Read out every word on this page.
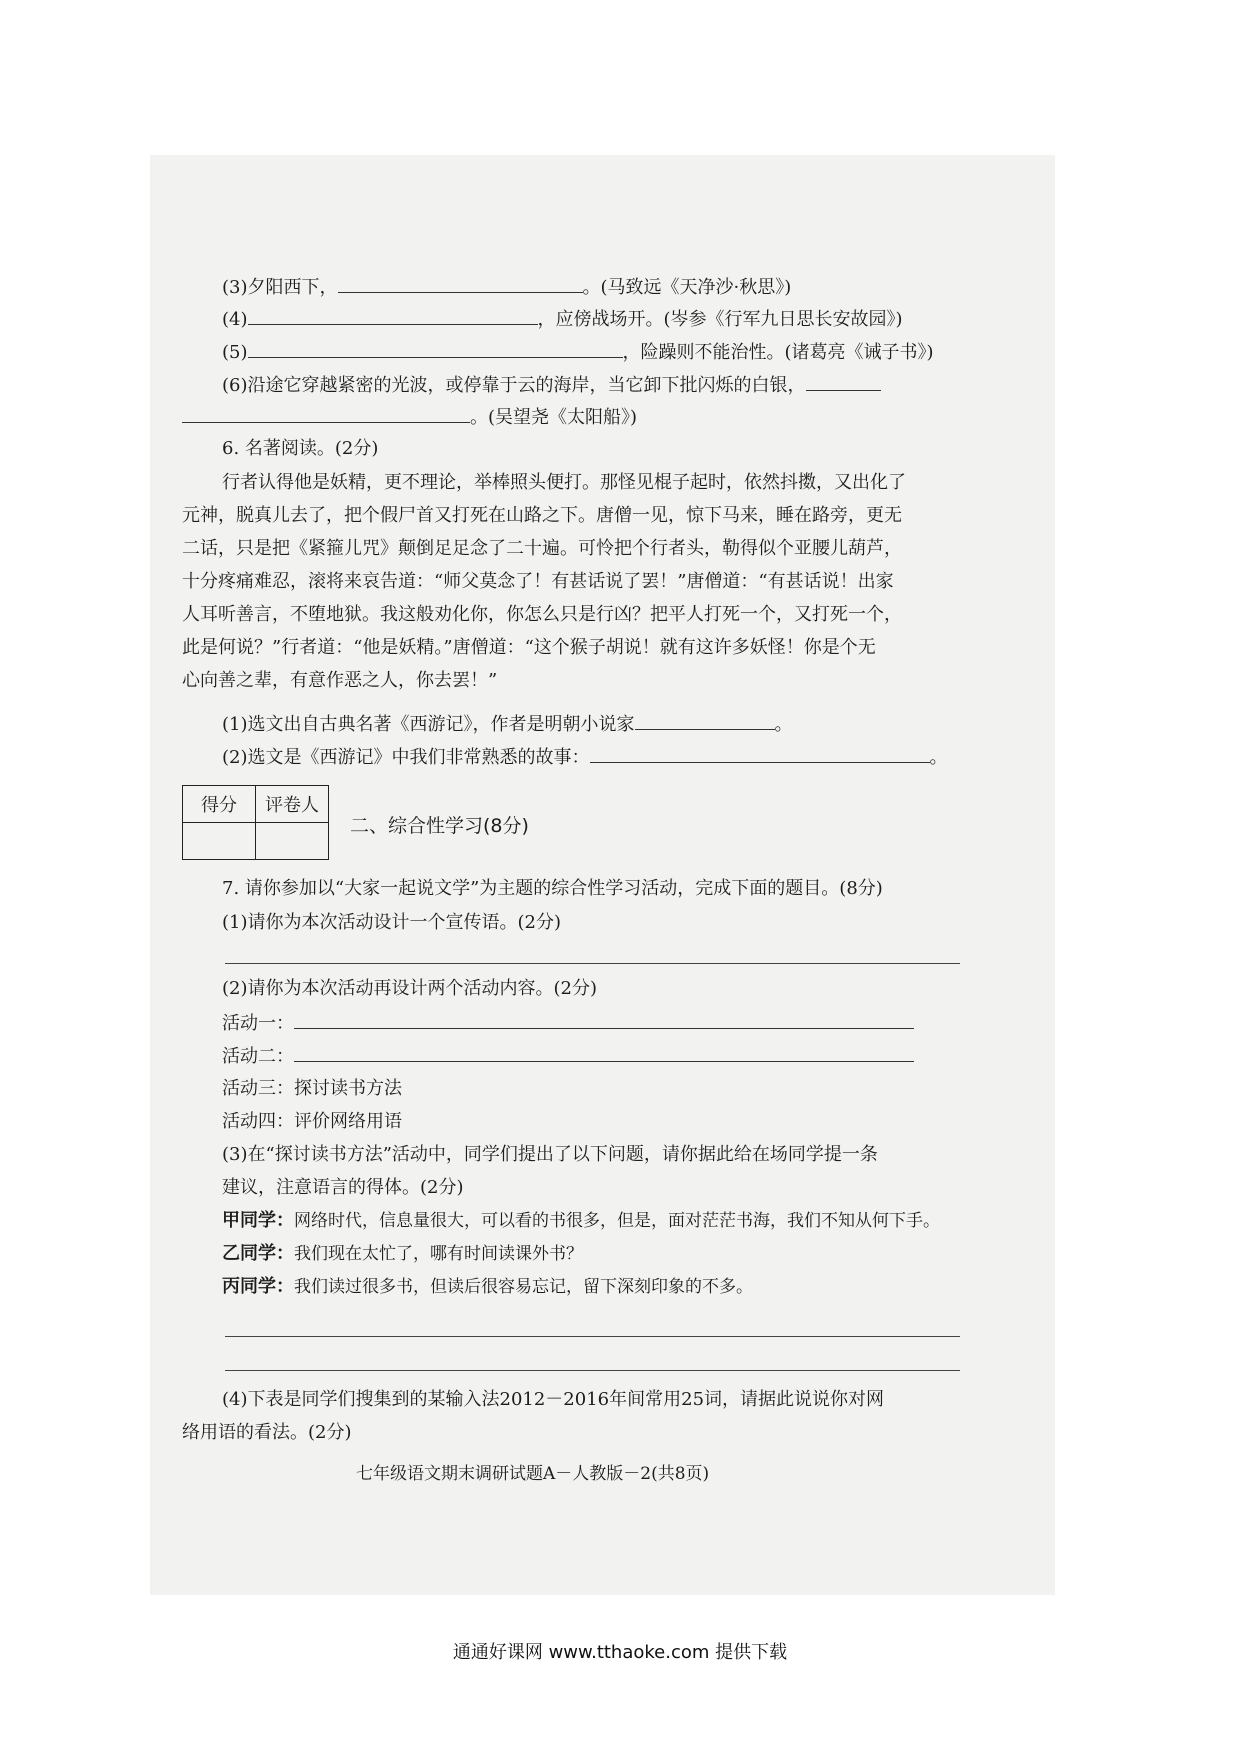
(3)夕阳西下，	。(马致远《天净沙·秋思》)
(4)	，应傍战场开。(岑参《行军九日思长安故园》)
(5)	，险躁则不能治性。(诸葛亮《诫子书》)
(6)沿途它穿越紧密的光波，或停靠于云的海岸，当它卸下批闪烁的白银，
。(吴望尧《太阳船》)
6. 名著阅读。(2分)
行者认得他是妖精，更不理论，举棒照头便打。那怪见棍子起时，依然抖擞，又出化了
元神，脱真儿去了，把个假尸首又打死在山路之下。唐僧一见，惊下马来，睡在路旁，更无
二话，只是把《紧箍儿咒》颠倒足足念了二十遍。可怜把个行者头，勒得似个亚腰儿葫芦，
十分疼痛难忍，滚将来哀告道：“师父莫念了！有甚话说了罢！”唐僧道：“有甚话说！出家
人耳听善言，不堕地狱。我这般劝化你，你怎么只是行凶？把平人打死一个，又打死一个，
此是何说？”行者道：“他是妖精。”唐僧道：“这个猴子胡说！就有这许多妖怪！你是个无
心向善之辈，有意作恶之人，你去罢！”
(1)选文出自古典名著《西游记》，作者是明朝小说家	。
(2)选文是《西游记》中我们非常熟悉的故事：	。
得分	评卷人

二、综合性学习(8分)
7. 请你参加以“大家一起说文学”为主题的综合性学习活动，完成下面的题目。(8分)
(1)请你为本次活动设计一个宣传语。(2分)
(2)请你为本次活动再设计两个活动内容。(2分)
活动一：
活动二：
活动三：探讨读书方法
活动四：评价网络用语
(3)在“探讨读书方法”活动中，同学们提出了以下问题，请你据此给在场同学提一条
建议，注意语言的得体。(2分)
甲同学：网络时代，信息量很大，可以看的书很多，但是，面对茫茫书海，我们不知从何下手。
乙同学：我们现在太忙了，哪有时间读课外书？
丙同学：我们读过很多书，但读后很容易忘记，留下深刻印象的不多。
(4)下表是同学们搜集到的某输入法2012－2016年间常用25词，请据此说说你对网
络用语的看法。(2分)
七年级语文期末调研试题A－人教版－2(共8页)
通通好课网 www.tthaoke.com 提供下载
